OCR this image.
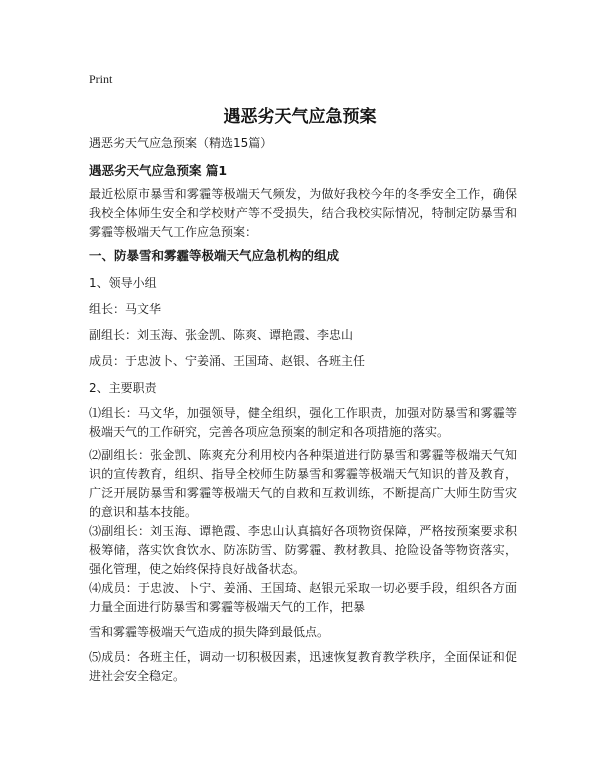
Print
遇恶劣天气应急预案
遇恶劣天气应急预案（精选15篇）
遇恶劣天气应急预案 篇1
最近松原市暴雪和雾霾等极端天气频发，为做好我校今年的冬季安全工作，确保我校全体师生安全和学校财产等不受损失，结合我校实际情况，特制定防暴雪和雾霾等极端天气工作应急预案：
一、防暴雪和雾霾等极端天气应急机构的组成
1、领导小组
组长：马文华
副组长：刘玉海、张金凯、陈爽、谭艳霞、李忠山
成员：于忠波卜、宁姜涌、王国琦、赵银、各班主任
2、主要职责
⑴组长：马文华，加强领导，健全组织，强化工作职责，加强对防暴雪和雾霾等极端天气的工作研究，完善各项应急预案的制定和各项措施的落实。
⑵副组长：张金凯、陈爽充分利用校内各种渠道进行防暴雪和雾霾等极端天气知识的宣传教育，组织、指导全校师生防暴雪和雾霾等极端天气知识的普及教育，广泛开展防暴雪和雾霾等极端天气的自救和互救训练，不断提高广大师生防雪灾的意识和基本技能。
⑶副组长：刘玉海、谭艳霞、李忠山认真搞好各项物资保障，严格按预案要求积极筹储，落实饮食饮水、防冻防雪、防雾霾、教材教具、抢险设备等物资落实，强化管理，使之始终保持良好战备状态。
⑷成员：于忠波、卜宁、姜涌、王国琦、赵银元采取一切必要手段，组织各方面力量全面进行防暴雪和雾霾等极端天气的工作，把暴
雪和雾霾等极端天气造成的损失降到最低点。
⑸成员：各班主任，调动一切积极因素，迅速恢复教育教学秩序，全面保证和促进社会安全稳定。
